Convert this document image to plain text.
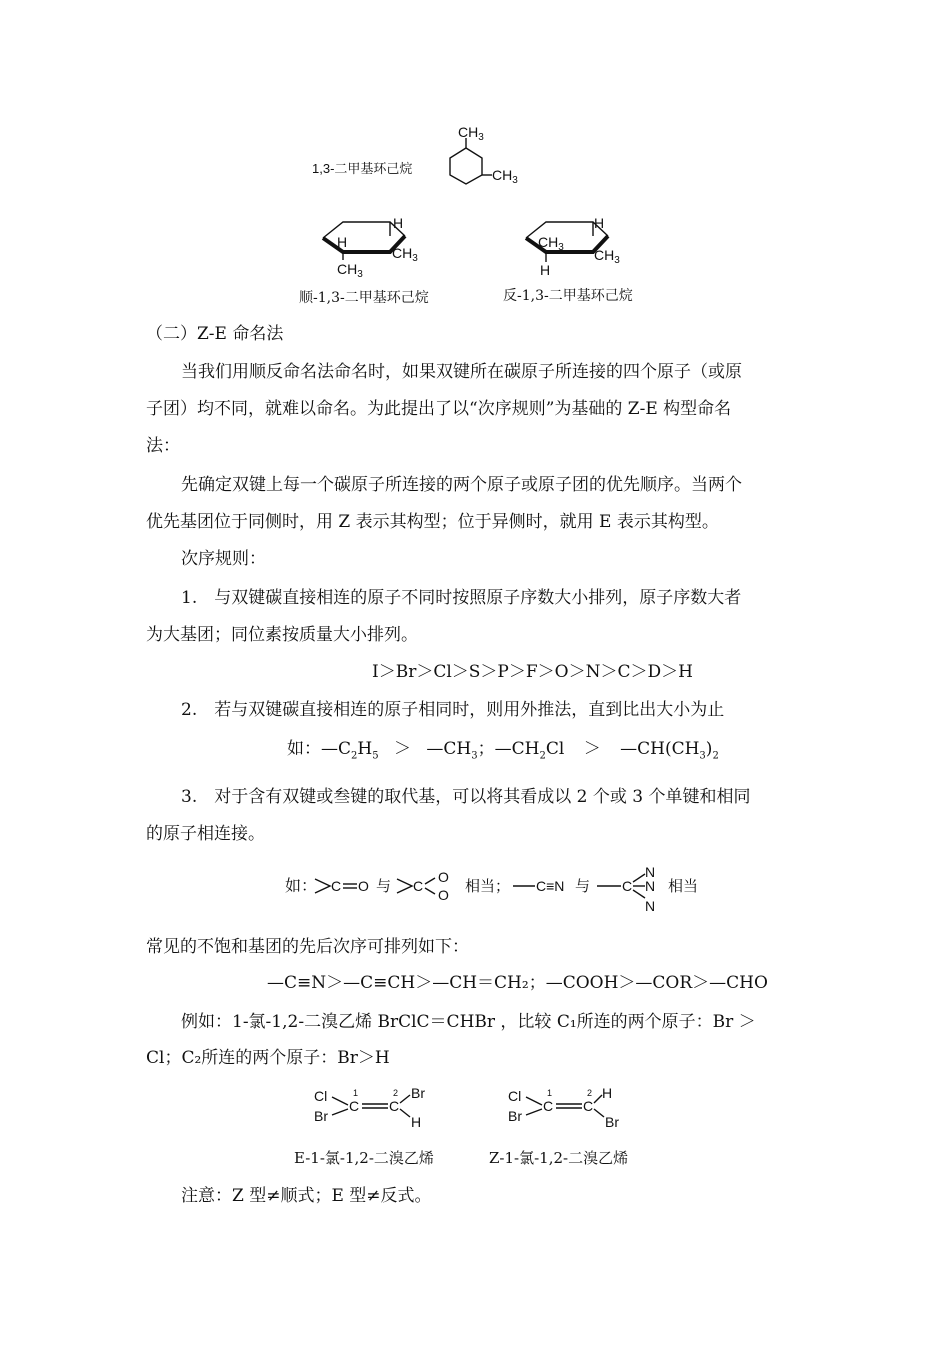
1,3-二甲基环己烷
$CH_3$
$CH_3$
H
H
$CH_3$
$CH_3$
顺-1,3-二甲基环己烷
H
$CH_3$ $CH_3$
H
反-1,3-二甲基环己烷
（二）Z-E 命名法
当我们用顺反命名法命名时，如果双键所在碳原子所连接的四个原子（或原
子团）均不同，就难以命名。为此提出了以“次序规则”为基础的 Z-E 构型命名
法：
先确定双键上每一个碳原子所连接的两个原子或原子团的优先顺序。当两个
优先基团位于同侧时，用 Z 表示其构型；位于异侧时，就用 E 表示其构型。
次序规则：
1.　与双键碳直接相连的原子不同时按照原子序数大小排列，原子序数大者
为大基团；同位素按质量大小排列。
I＞Br＞Cl＞S＞P＞F＞O＞N＞C＞D＞H
2.　若与双键碳直接相连的原子相同时，则用外推法，直到比出大小为止
如：$—C_2H_5$ ＞ $—CH_3$；$—CH_2Cl$ ＞ $—CH(CH_3)_2$
3.　对于含有双键或叁键的取代基，可以将其看成以 2 个或 3 个单键和相同
的原子相连接。
如： C O 与 C
O
O 相当； C≡N 与 C
N
N
N
相当
常见的不饱和基团的先后次序可排列如下：
—C≡N＞—C≡CH＞—CH＝CH₂；—COOH＞—COR＞—CHO
例如：1-氯-1,2-二溴乙烯 BrClC＝CHBr ，比较 C₁所连的两个原子：Br ＞
Cl；C₂所连的两个原子：Br＞H
Cl
Br
C
1
C
2 Br
H
Cl
Br
C
1
C
2 H
Br
E-1-氯-1,2-二溴乙烯	Z-1-氯-1,2-二溴乙烯
注意：Z 型≠顺式；E 型≠反式。
